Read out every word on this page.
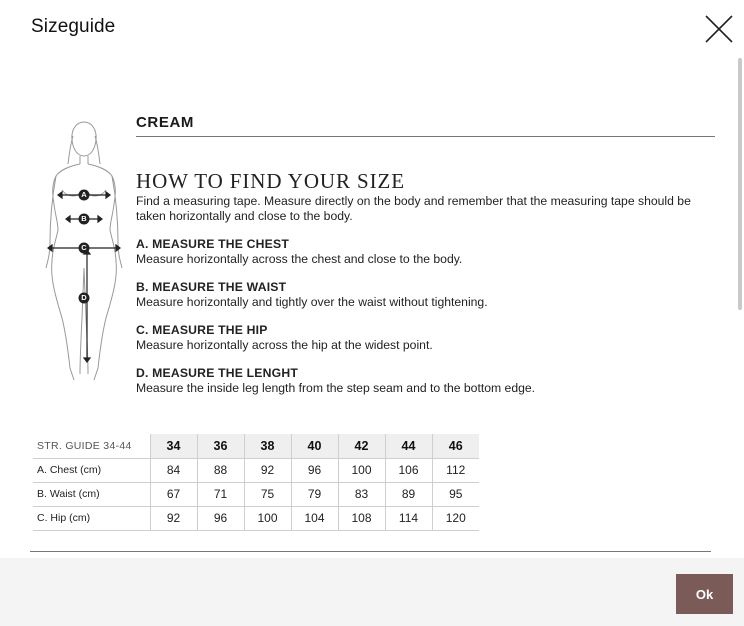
Sizeguide
A
B
C
D
CREAM
HOW TO FIND YOUR SIZE
Find a measuring tape. Measure directly on the body and remember that the measuring tape should be taken horizontally and close to the body.
A. MEASURE THE CHEST
Measure horizontally across the chest and close to the body.
B. MEASURE THE WAIST
Measure horizontally and tightly over the waist without tightening.
C. MEASURE THE HIP
Measure horizontally across the hip at the widest point.
D. MEASURE THE LENGHT
Measure the inside leg length from the step seam and to the bottom edge.
STR. GUIDE 34-44	34	36	38	40	42	44	46
A. Chest (cm)	84	88	92	96	100	106	112
B. Waist (cm)	67	71	75	79	83	89	95
C. Hip (cm)	92	96	100	104	108	114	120
Ok
